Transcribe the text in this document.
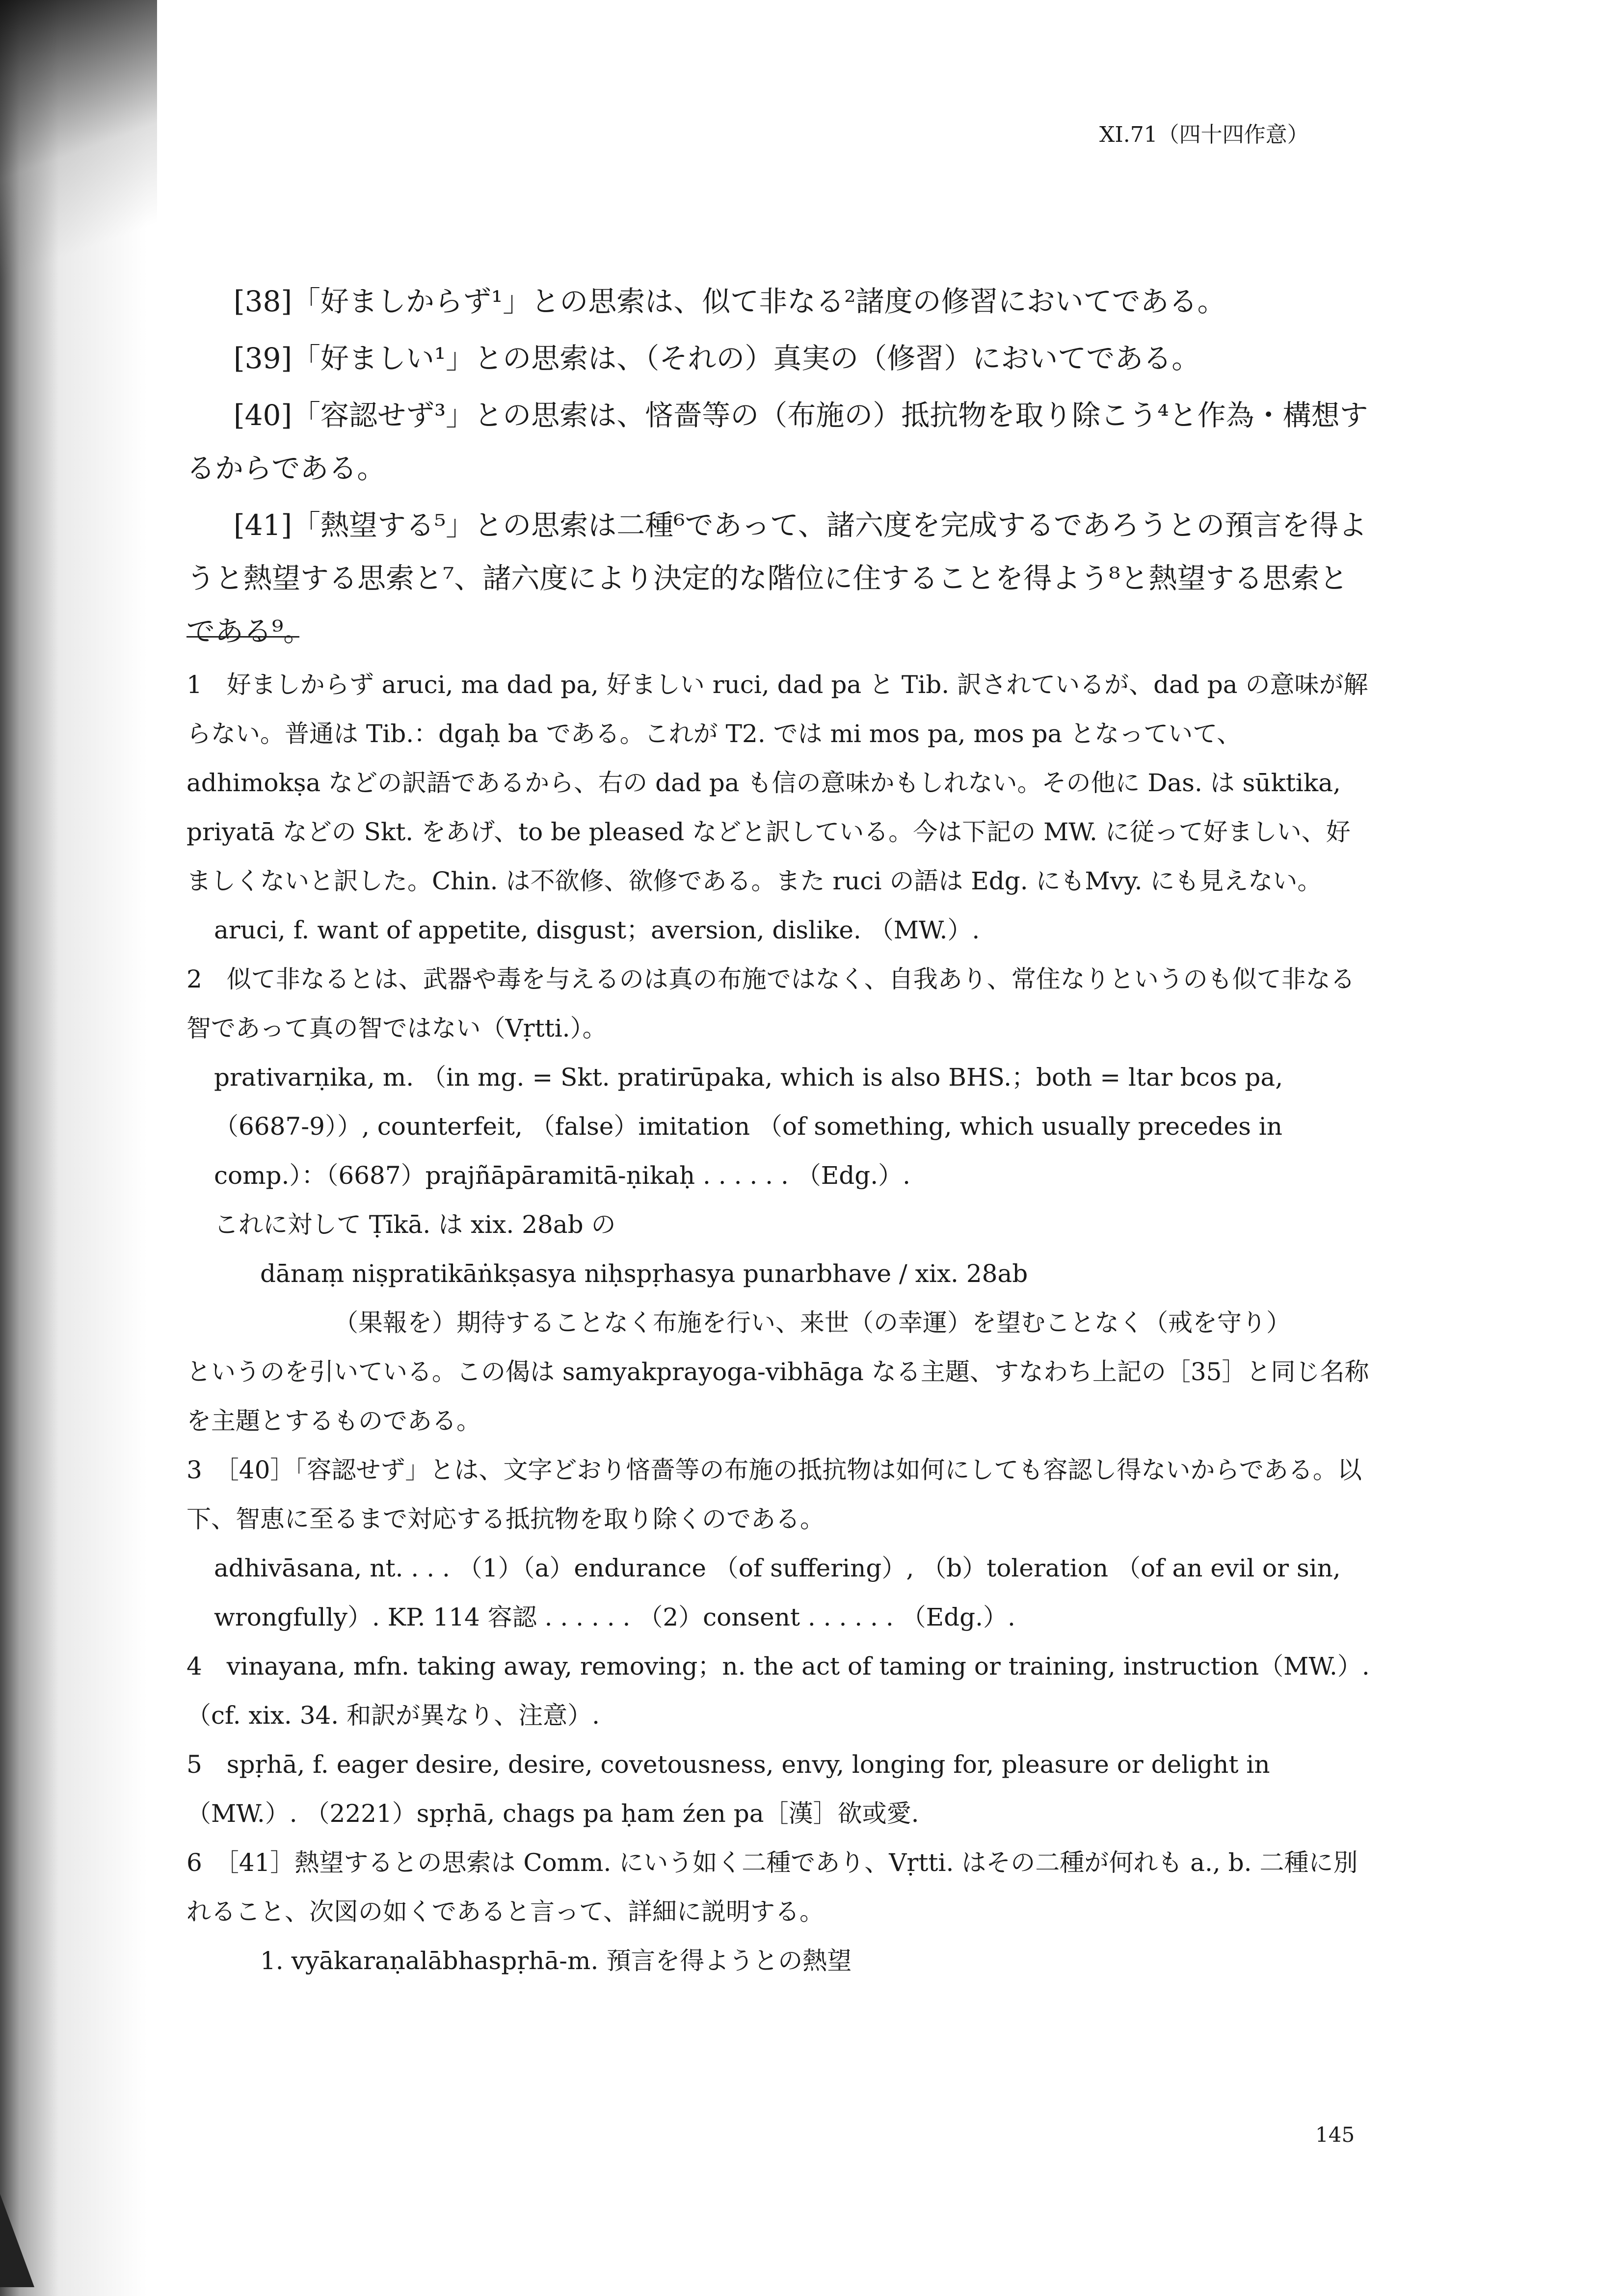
XI.71（四十四作意）

[38]「好ましからず¹」との思索は、似て非なる²諸度の修習においてである。

[39]「好ましい¹」との思索は、（それの）真実の（修習）においてである。

[40]「容認せず³」との思索は、悋嗇等の（布施の）抵抗物を取り除こう⁴と作為・構想するからである。

[41]「熱望する⁵」との思索は二種⁶であって、諸六度を完成するであろうとの預言を得ようと熱望する思索と⁷、諸六度により決定的な階位に住することを得よう⁸と熱望する思索とである⁹。

1　好ましからず aruci, ma dad pa, 好ましい ruci, dad pa と Tib. 訳されているが、dad pa の意味が解らない。普通は Tib.：dgaḥ ba である。これが T2. では mi mos pa, mos pa となっていて、adhimokṣa などの訳語であるから、右の dad pa も信の意味かもしれない。その他に Das. は sūktika, priyatā などの Skt. をあげ、to be pleased などと訳している。今は下記の MW. に従って好ましい、好ましくないと訳した。Chin. は不欲修、欲修である。また ruci の語は Edg. にもMvy. にも見えない。

aruci, f. want of appetite, disgust；aversion, dislike. （MW.）.

2　似て非なるとは、武器や毒を与えるのは真の布施ではなく、自我あり、常住なりというのも似て非なる智であって真の智ではない（Vṛtti.）。

prativarṇika, m. （in mg. = Skt. pratirūpaka, which is also BHS.；both = ltar bcos pa, （6687-9））, counterfeit, （false）imitation （of something, which usually precedes in comp.）：（6687）prajñāpāramitā-ṇikaḥ . . . . . . （Edg.）.

これに対して Ṭīkā. は xix. 28ab の

dānaṃ niṣpratikāṅkṣasya niḥspṛhasya punarbhave / xix. 28ab

（果報を）期待することなく布施を行い、来世（の幸運）を望むことなく（戒を守り）

というのを引いている。この偈は samyakprayoga-vibhāga なる主題、すなわち上記の［35］と同じ名称を主題とするものである。

3　［40］「容認せず」とは、文字どおり悋嗇等の布施の抵抗物は如何にしても容認し得ないからである。以下、智恵に至るまで対応する抵抗物を取り除くのである。

adhivāsana, nt. . . . （1）（a）endurance （of suffering）, （b）toleration （of an evil or sin, wrongfully）. KP. 114 容認 . . . . . . （2）consent . . . . . . （Edg.）.

4　vinayana, mfn. taking away, removing；n. the act of taming or training, instruction（MW.）. （cf. xix. 34. 和訳が異なり、注意）.

5　spṛhā, f. eager desire, desire, covetousness, envy, longing for, pleasure or delight in（MW.）. （2221）spṛhā, chags pa ḥam źen pa［漢］欲或愛.

6　［41］熱望するとの思索は Comm. にいう如く二種であり、Vṛtti. はその二種が何れも a., b. 二種に別れること、次図の如くであると言って、詳細に説明する。

1. vyākaraṇalābhaspṛhā-m. 預言を得ようとの熱望

145
